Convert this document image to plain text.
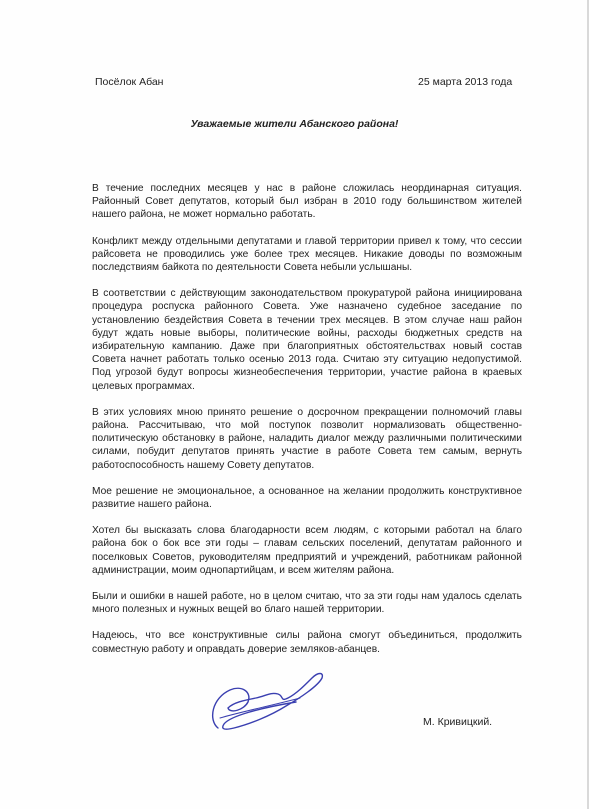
Посёлок Абан	25 марта 2013 года
Уважаемые жители Абанского района!

В течение последних месяцев у нас в районе сложилась неординарная ситуация. Районный Совет депутатов, который был избран в 2010 году большинством жителей нашего района, не может нормально работать.

Конфликт между отдельными депутатами и главой территории привел к тому, что сессии райсовета не проводились уже более трех месяцев. Никакие доводы по возможным последствиям байкота по деятельности Совета небыли услышаны.

В соответствии с действующим законодательством прокуратурой района инициирована процедура роспуска районного Совета. Уже назначено судебное заседание по установлению бездействия Совета в течении трех месяцев. В этом случае наш район будут ждать новые выборы, политические войны, расходы бюджетных средств на избирательную кампанию. Даже при благоприятных обстоятельствах новый состав Совета начнет работать только осенью 2013 года. Считаю эту ситуацию недопустимой. Под угрозой будут вопросы жизнеобеспечения территории, участие района в краевых целевых программах.

В этих условиях мною принято решение о досрочном прекращении полномочий главы района. Рассчитываю, что мой поступок позволит нормализовать общественно-политическую обстановку в районе, наладить диалог между различными политическими силами, побудит депутатов принять участие в работе Совета тем самым, вернуть работоспособность нашему Совету депутатов.

Мое решение не эмоциональное, а основанное на желании продолжить конструктивное развитие нашего района.

Хотел бы высказать слова благодарности всем людям, с которыми работал на благо района бок о бок все эти годы – главам сельских поселений, депутатам районного и поселковых Советов, руководителям предприятий и учреждений, работникам районной администрации, моим однопартийцам, и всем жителям района.

Были и ошибки в нашей работе, но в целом считаю, что за эти годы нам удалось сделать много полезных и нужных вещей во благо нашей территории.

Надеюсь, что все конструктивные силы района смогут объединиться, продолжить совместную работу и оправдать доверие земляков-абанцев.

М. Кривицкий.
